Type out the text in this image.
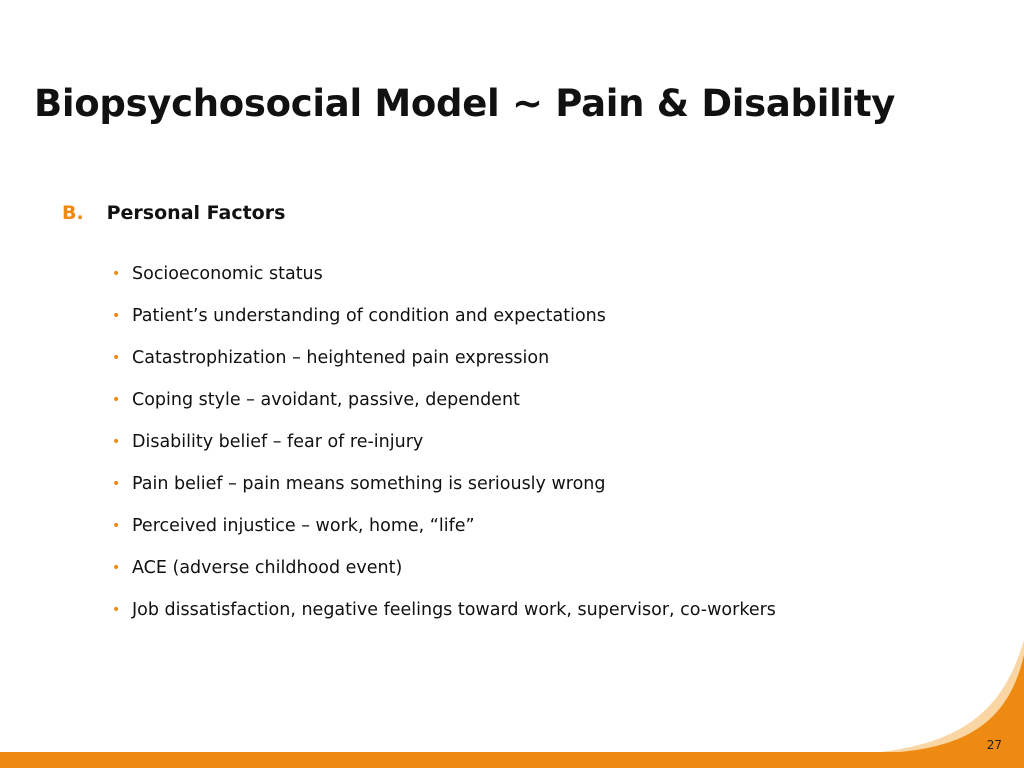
Biopsychosocial Model ~ Pain & Disability
B. Personal Factors
• Socioeconomic status
• Patient’s understanding of condition and expectations
• Catastrophization – heightened pain expression
• Coping style – avoidant, passive, dependent
• Disability belief – fear of re-injury
• Pain belief – pain means something is seriously wrong
• Perceived injustice – work, home, “life”
• ACE (adverse childhood event)
• Job dissatisfaction, negative feelings toward work, supervisor, co-workers
27
